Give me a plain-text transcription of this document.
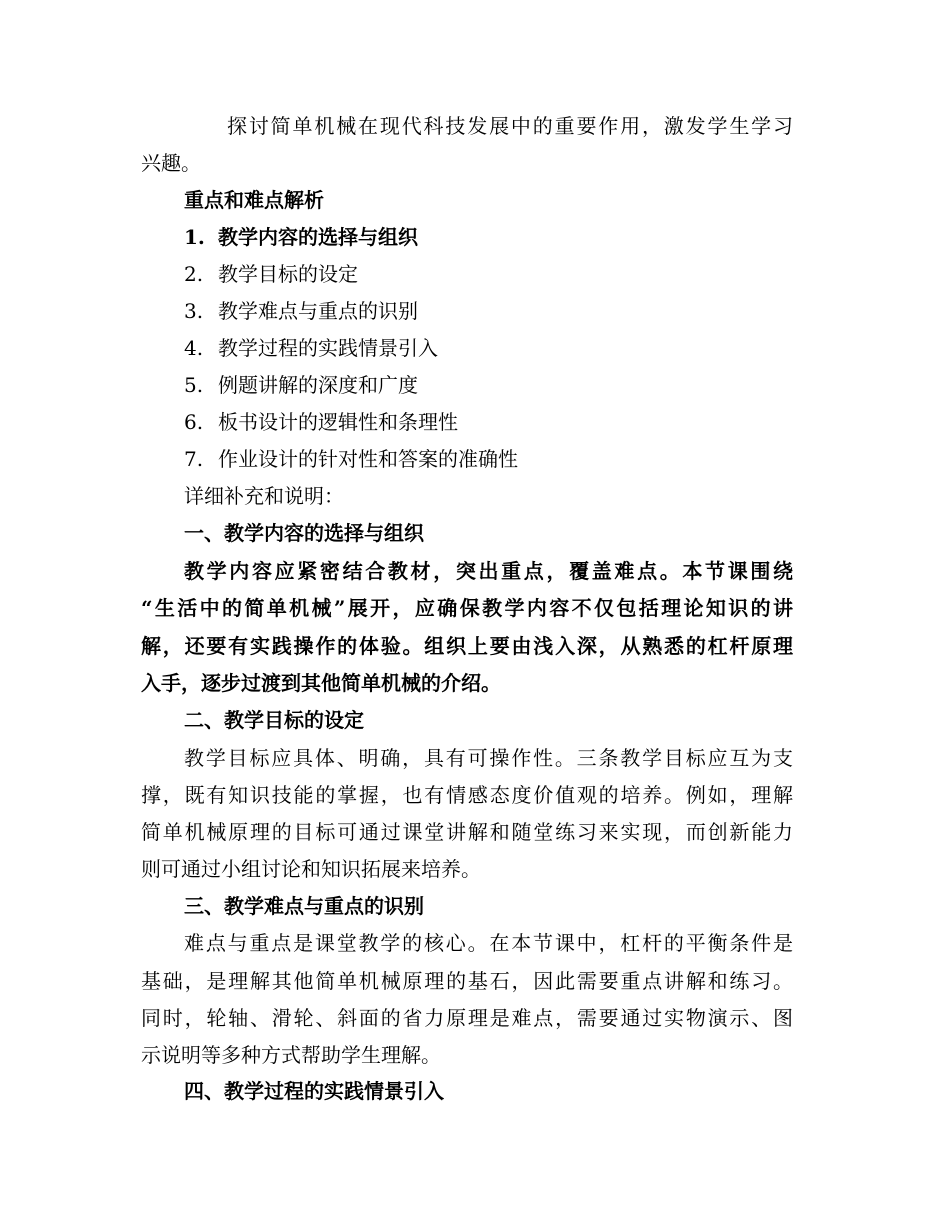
探讨简单机械在现代科技发展中的重要作用，激发学生学习
兴趣。
重点和难点解析
1. 教学内容的选择与组织
2. 教学目标的设定
3. 教学难点与重点的识别
4. 教学过程的实践情景引入
5. 例题讲解的深度和广度
6. 板书设计的逻辑性和条理性
7. 作业设计的针对性和答案的准确性
详细补充和说明：
一、教学内容的选择与组织
教学内容应紧密结合教材，突出重点，覆盖难点。本节课围绕
“生活中的简单机械”展开，应确保教学内容不仅包括理论知识的讲
解，还要有实践操作的体验。组织上要由浅入深，从熟悉的杠杆原理
入手，逐步过渡到其他简单机械的介绍。
二、教学目标的设定
教学目标应具体、明确，具有可操作性。三条教学目标应互为支
撑，既有知识技能的掌握，也有情感态度价值观的培养。例如，理解
简单机械原理的目标可通过课堂讲解和随堂练习来实现，而创新能力
则可通过小组讨论和知识拓展来培养。
三、教学难点与重点的识别
难点与重点是课堂教学的核心。在本节课中，杠杆的平衡条件是
基础，是理解其他简单机械原理的基石，因此需要重点讲解和练习。
同时，轮轴、滑轮、斜面的省力原理是难点，需要通过实物演示、图
示说明等多种方式帮助学生理解。
四、教学过程的实践情景引入
